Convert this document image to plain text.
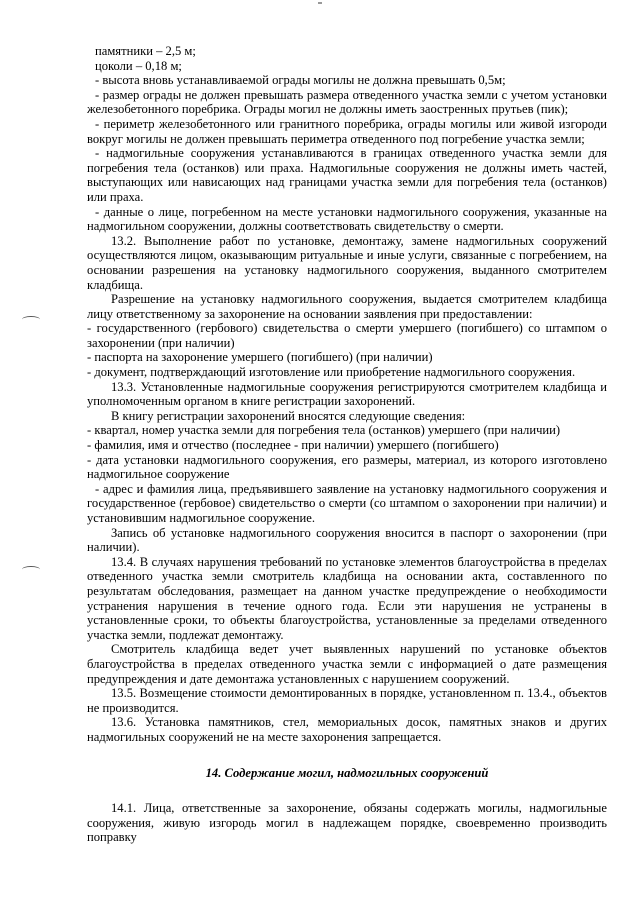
памятники – 2,5 м;

цоколи – 0,18 м;

- высота вновь устанавливаемой ограды могилы не должна превышать 0,5м;

- размер ограды не должен превышать размера отведенного участка земли с учетом установки железобетонного поребрика. Ограды могил не должны иметь заостренных прутьев (пик);

- периметр железобетонного или гранитного поребрика, ограды могилы или живой изгороди вокруг могилы не должен превышать периметра отведенного под погребение участка земли;

- надмогильные сооружения устанавливаются в границах отведенного участка земли для погребения тела (останков) или праха. Надмогильные сооружения не должны иметь частей, выступающих или нависающих над границами участка земли для погребения тела (останков) или праха.

- данные о лице, погребенном на месте установки надмогильного сооружения, указанные на надмогильном сооружении, должны соответствовать свидетельству о смерти.

13.2. Выполнение работ по установке, демонтажу, замене надмогильных сооружений осуществляются лицом, оказывающим ритуальные и иные услуги, связанные с погребением, на основании разрешения на установку надмогильного сооружения, выданного смотрителем кладбища.

Разрешение на установку надмогильного сооружения, выдается смотрителем кладбища лицу ответственному за захоронение на основании заявления при предоставлении:

- государственного (гербового) свидетельства о смерти умершего (погибшего) со штампом о захоронении (при наличии)

- паспорта на захоронение умершего (погибшего) (при наличии)

- документ, подтверждающий изготовление или приобретение надмогильного сооружения.

13.3. Установленные надмогильные сооружения регистрируются смотрителем кладбища и уполномоченным органом в книге регистрации захоронений.

В книгу регистрации захоронений вносятся следующие сведения:

- квартал, номер участка земли для погребения тела (останков) умершего (при наличии)

- фамилия, имя и отчество (последнее - при наличии) умершего (погибшего)

- дата установки надмогильного сооружения, его размеры, материал, из которого изготовлено надмогильное сооружение

- адрес и фамилия лица, предъявившего заявление на установку надмогильного сооружения и государственное (гербовое) свидетельство о смерти (со штампом о захоронении при наличии) и установившим надмогильное сооружение.

Запись об установке надмогильного сооружения вносится в паспорт о захоронении (при наличии).

13.4. В случаях нарушения требований по установке элементов благоустройства в пределах отведенного участка земли смотритель кладбища на основании акта, составленного по результатам обследования, размещает на данном участке предупреждение о необходимости устранения нарушения в течение одного года. Если эти нарушения не устранены в установленные сроки, то объекты благоустройства, установленные за пределами отведенного участка земли, подлежат демонтажу.

Смотритель кладбища ведет учет выявленных нарушений по установке объектов благоустройства в пределах отведенного участка земли с информацией о дате размещения предупреждения и дате демонтажа установленных с нарушением сооружений.

13.5. Возмещение стоимости демонтированных в порядке, установленном п. 13.4., объектов не производится.

13.6. Установка памятников, стел, мемориальных досок, памятных знаков и других надмогильных сооружений не на месте захоронения запрещается.

14. Содержание могил, надмогильных сооружений

14.1. Лица, ответственные за захоронение, обязаны содержать могилы, надмогильные сооружения, живую изгородь могил в надлежащем порядке, своевременно производить поправку
